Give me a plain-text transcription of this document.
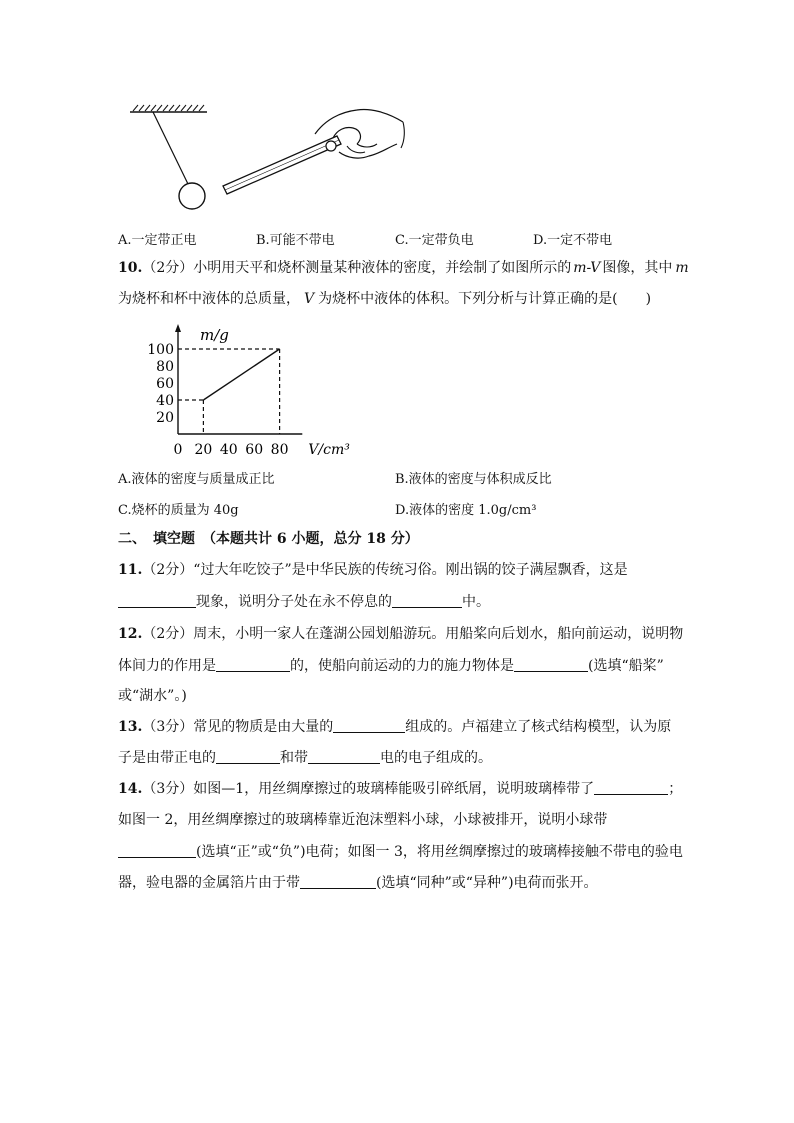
A.一定带正电	B.可能不带电	C.一定带负电	D.一定不带电
10.（2分）小明用天平和烧杯测量某种液体的密度，并绘制了如图所示的 m-V 图像，其中 m
为烧杯和杯中液体的总质量， V 为烧杯中液体的体积。下列分析与计算正确的是(　　)
20
40
60
80
100
0 20 40 60 80
m/g
V/cm³
A.液体的密度与质量成正比	B.液体的密度与体积成反比
C.烧杯的质量为 40g	D.液体的密度 1.0g/cm³
二、　填空题　（本题共计 6 小题，总分 18 分）
11.（2分）“过大年吃饺子”是中华民族的传统习俗。刚出锅的饺子满屋飘香，这是
现象，说明分子处在永不停息的	中。
12.（2分）周末，小明一家人在蓬湖公园划船游玩。用船桨向后划水，船向前运动，说明物
体间力的作用是	的，使船向前运动的力的施力物体是	(选填“船桨”
或“湖水”。)
13.（3分）常见的物质是由大量的	组成的。卢福建立了核式结构模型，认为原
子是由带正电的	和带	电的电子组成的。
14.（3分）如图—1，用丝绸摩擦过的玻璃棒能吸引碎纸屑，说明玻璃棒带了	；
如图一 2，用丝绸摩擦过的玻璃棒靠近泡沫塑料小球，小球被排开，说明小球带
(选填“正”或“负”)电荷；如图一 3，将用丝绸摩擦过的玻璃棒接触不带电的验电
器，验电器的金属箔片由于带	(选填“同种”或“异种”)电荷而张开。
